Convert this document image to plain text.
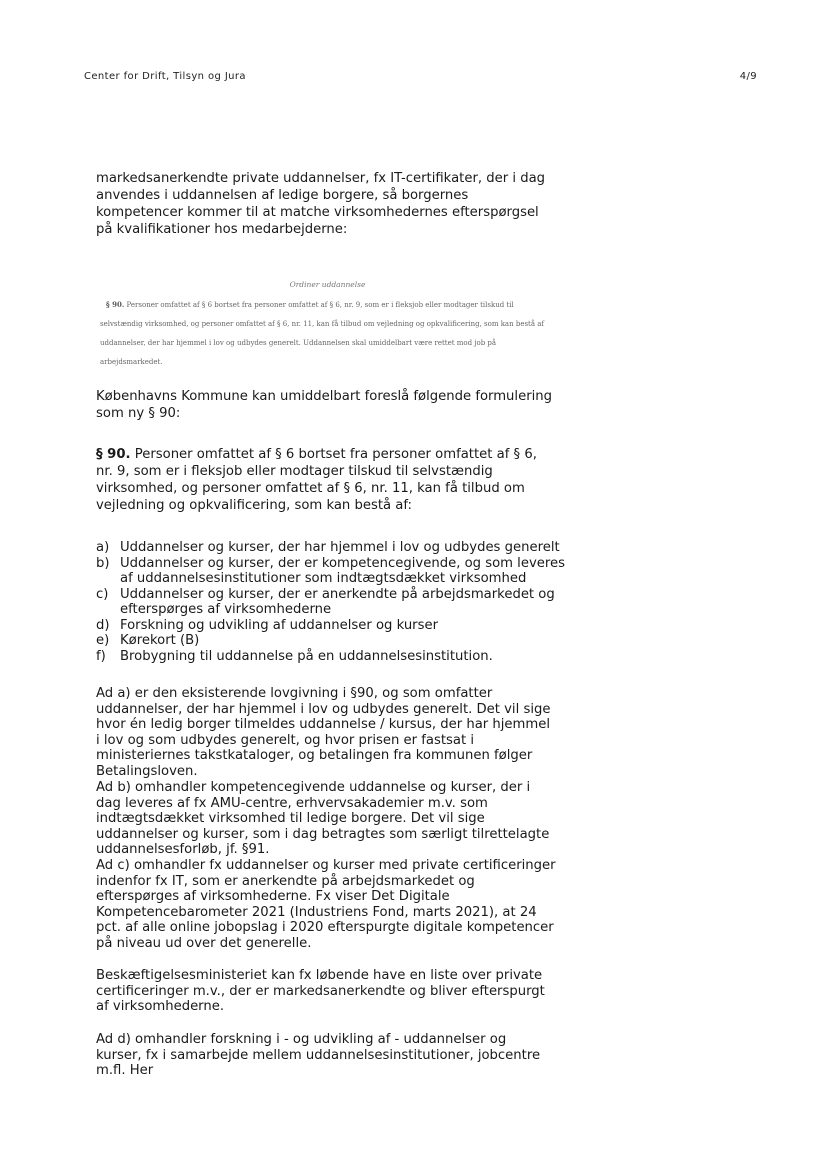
Center for Drift, Tilsyn og Jura	4/9

markedsanerkendte private uddannelser, fx IT-certifikater, der i dag anvendes i uddannelsen af ledige borgere, så borgernes kompetencer kommer til at matche virksomhedernes efterspørgsel på kvalifikationer hos medarbejderne:

Ordiner uddannelse
§ 90. Personer omfattet af § 6 bortset fra personer omfattet af § 6, nr. 9, som er i fleksjob eller modtager tilskud til selvstændig virksomhed, og personer omfattet af § 6, nr. 11, kan få tilbud om vejledning og opkvalificering, som kan bestå af uddannelser, der har hjemmel i lov og udbydes generelt. Uddannelsen skal umiddelbart være rettet mod job på arbejdsmarkedet.

Københavns Kommune kan umiddelbart foreslå følgende formulering som ny § 90:

§ 90. Personer omfattet af § 6 bortset fra personer omfattet af § 6, nr. 9, som er i fleksjob eller modtager tilskud til selvstændig virksomhed, og personer omfattet af § 6, nr. 11, kan få tilbud om vejledning og opkvalificering, som kan bestå af:

a) Uddannelser og kurser, der har hjemmel i lov og udbydes generelt
b) Uddannelser og kurser, der er kompetencegivende, og som leveres af uddannelsesinstitutioner som indtægtsdækket virksomhed
c) Uddannelser og kurser, der er anerkendte på arbejdsmarkedet og efterspørges af virksomhederne
d) Forskning og udvikling af uddannelser og kurser
e) Kørekort (B)
f)	Brobygning til uddannelse på en uddannelsesinstitution.

Ad a) er den eksisterende lovgivning i §90, og som omfatter uddannelser, der har hjemmel i lov og udbydes generelt. Det vil sige hvor én ledig borger tilmeldes uddannelse / kursus, der har hjemmel i lov og som udbydes generelt, og hvor prisen er fastsat i ministeriernes takstkataloger, og betalingen fra kommunen følger Betalingsloven.

Ad b) omhandler kompetencegivende uddannelse og kurser, der i dag leveres af fx AMU-centre, erhvervsakademier m.v. som indtægtsdækket virksomhed til ledige borgere. Det vil sige uddannelser og kurser, som i dag betragtes som særligt tilrettelagte uddannelsesforløb, jf. §91.

Ad c) omhandler fx uddannelser og kurser med private certificeringer indenfor fx IT, som er anerkendte på arbejdsmarkedet og efterspørges af virksomhederne. Fx viser Det Digitale Kompetencebarometer 2021 (Industriens Fond, marts 2021), at 24 pct. af alle online jobopslag i 2020 efterspurgte digitale kompetencer på niveau ud over det generelle.

Beskæftigelsesministeriet kan fx løbende have en liste over private certificeringer m.v., der er markedsanerkendte og bliver efterspurgt af virksomhederne.

Ad d) omhandler forskning i - og udvikling af - uddannelser og kurser, fx i samarbejde mellem uddannelsesinstitutioner, jobcentre m.fl. Her
